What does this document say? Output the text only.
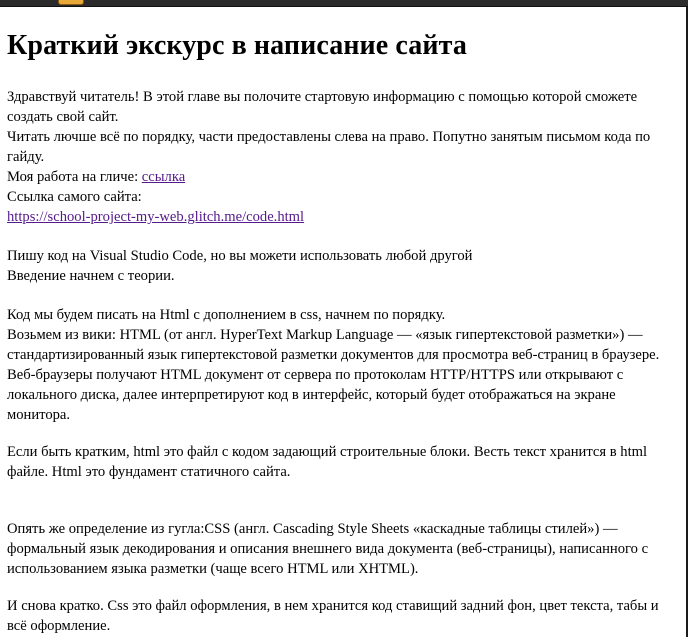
Краткий экскурс в написание сайта

Здравствуй читатель! В этой главе вы полочите стартовую информацию с помощью которой сможете создать свой сайт.

Читать лючше всё по порядку, части предоставлены слева на право. Попутно занятым письмом кода по гайду.

Моя работа на гличе: ссылка

Ссылка самого сайта:

https://school-project-my-web.glitch.me/code.html

Пишу код на Visual Studio Code, но вы можети использовать любой другой

Введение начнем с теории.

Код мы будем писать на Html с дополнением в css, начнем по порядку.

Возьмем из вики: HTML (от англ. HyperText Markup Language — «язык гипертекстовой разметки») — стандартизированный язык гипертекстовой разметки документов для просмотра веб-страниц в браузере. Веб-браузеры получают HTML документ от сервера по протоколам HTTP/HTTPS или открывают с локального диска, далее интерпретируют код в интерфейс, который будет отображаться на экране монитора.

Если быть кратким, html это файл с кодом задающий строительные блоки. Весть текст хранится в html файле. Html это фундамент статичного сайта.

Опять же определение из гугла:CSS (англ. Cascading Style Sheets «каскадные таблицы стилей») — формальный язык декодирования и описания внешнего вида документа (веб-страницы), написанного с использованием языка разметки (чаще всего HTML или XHTML).

И снова кратко. Css это файл оформления, в нем хранится код ставищий задний фон, цвет текста, табы и всё оформление.
